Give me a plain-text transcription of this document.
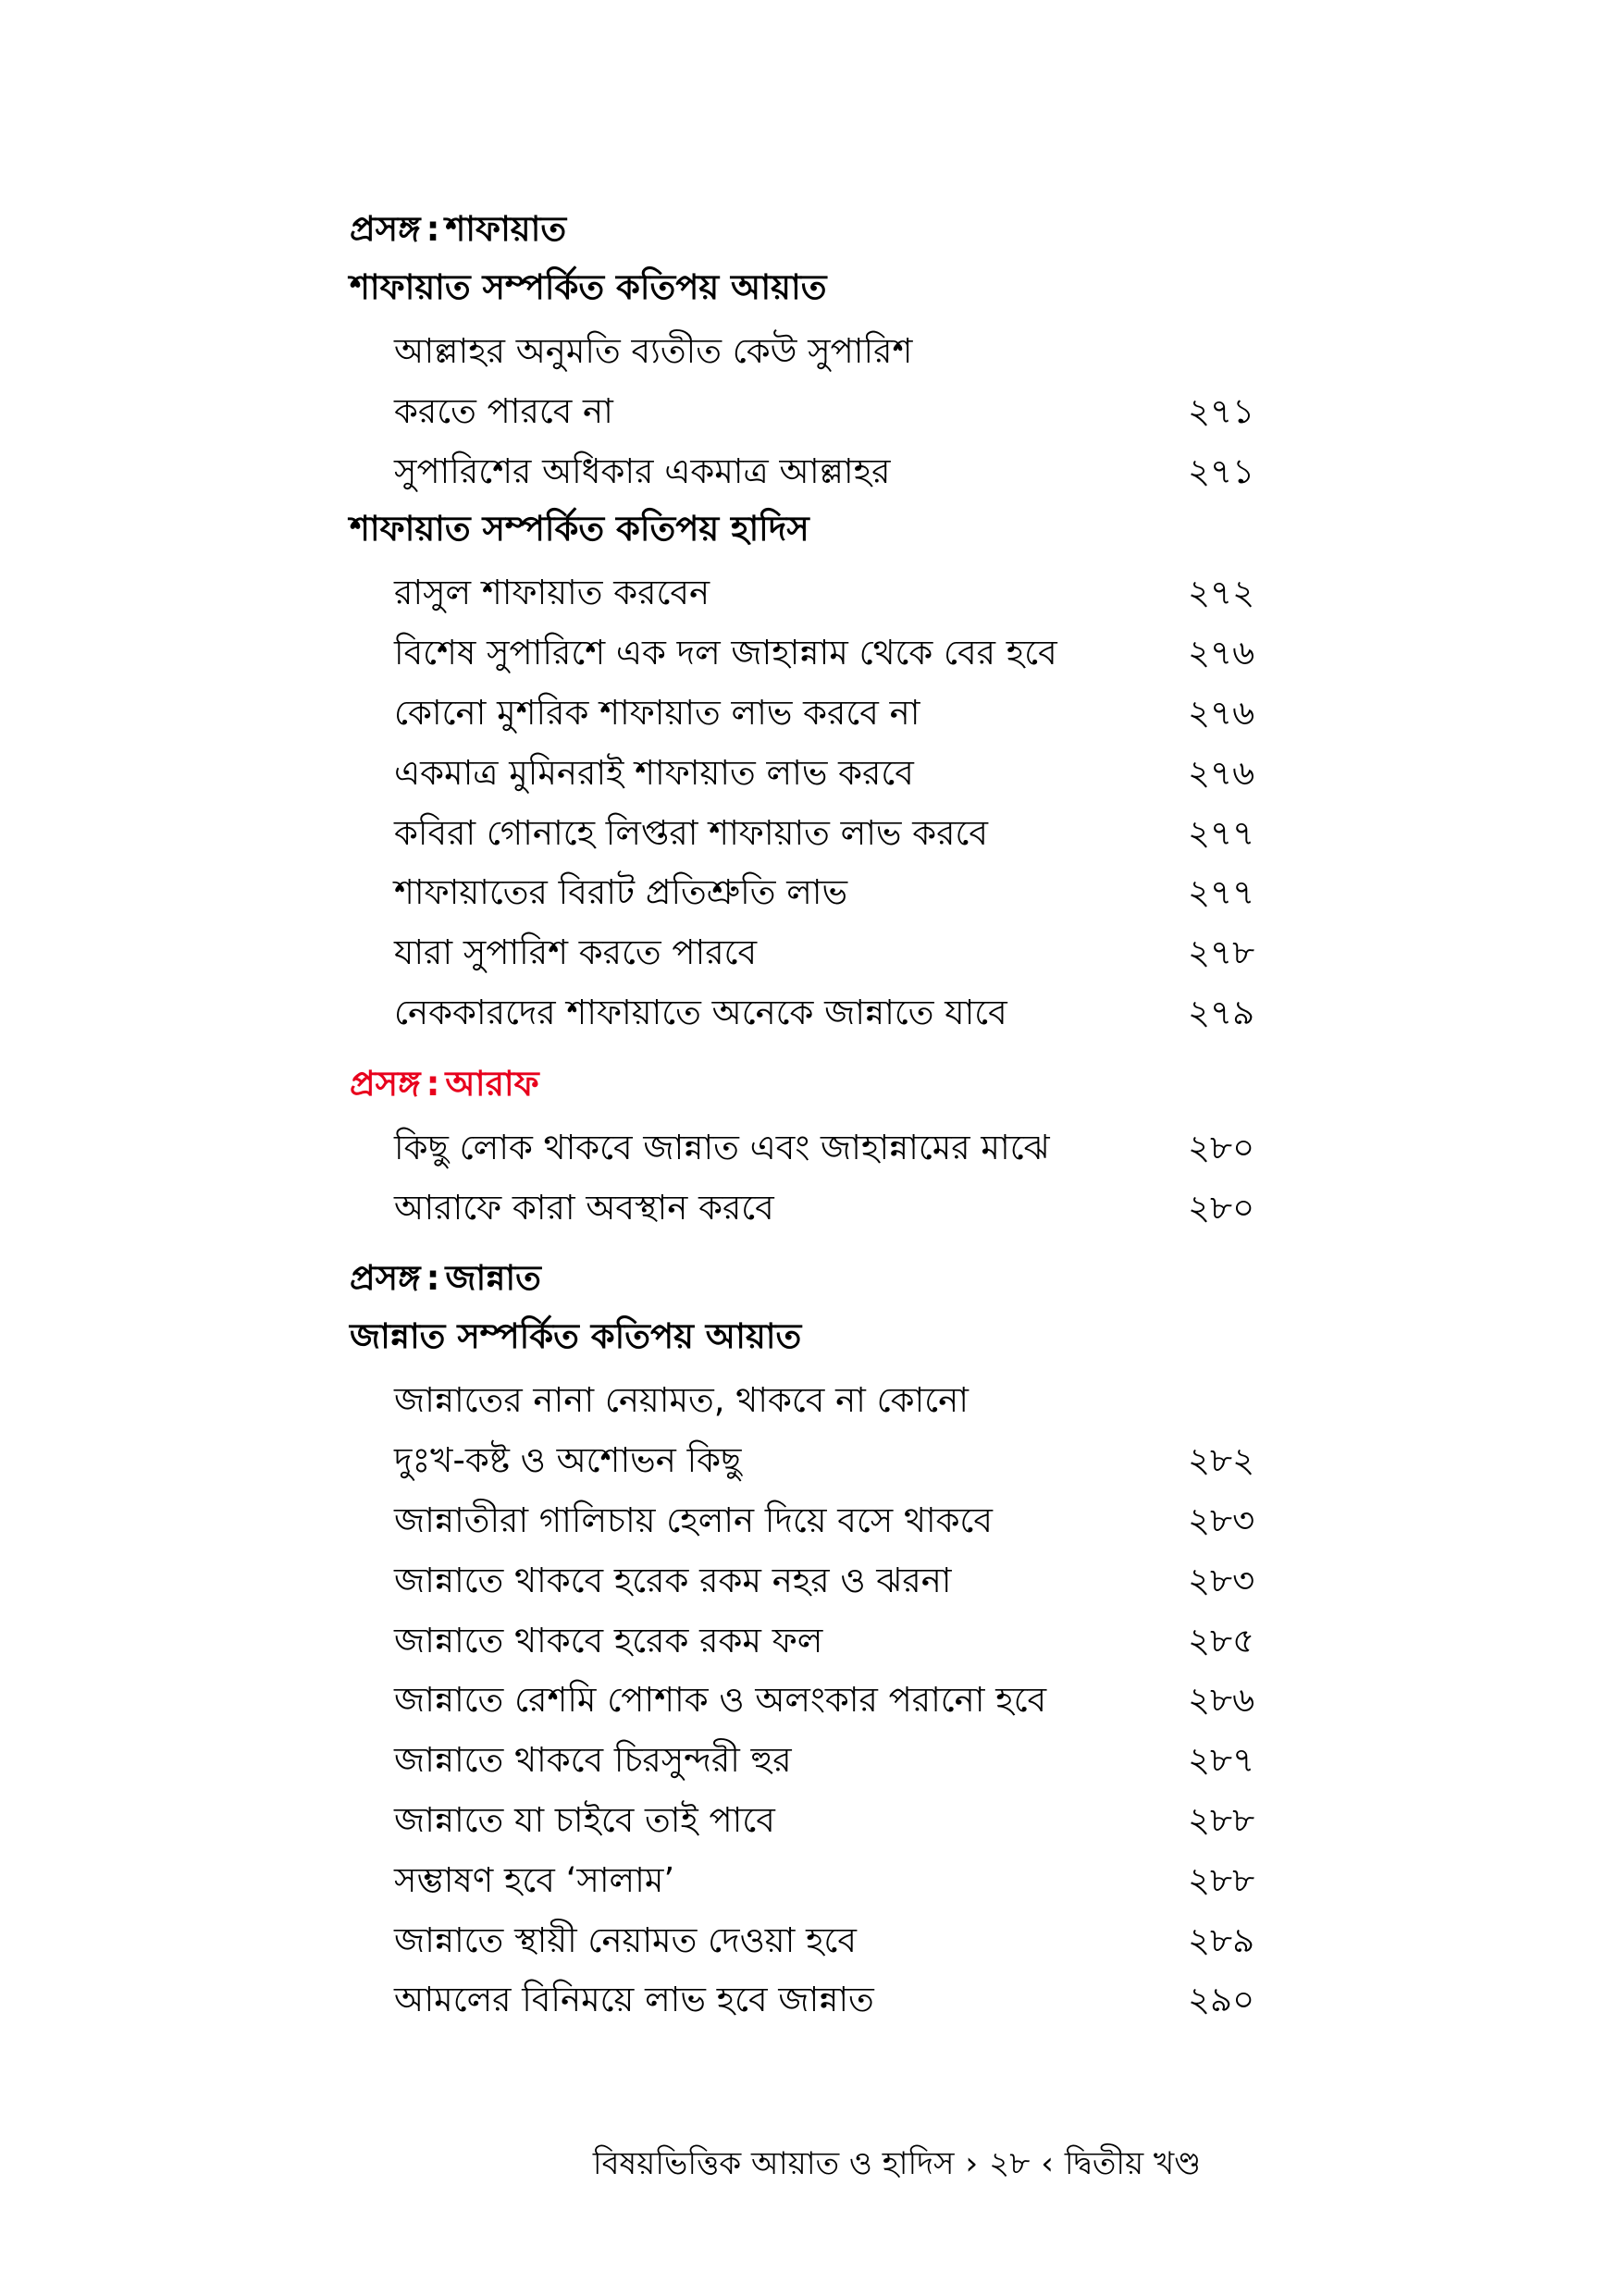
প্রসঙ্গ : শাফায়াত
শাফায়াত সম্পর্কিত কতিপয় আয়াত
আল্লাহর অনুমতি ব্যতীত কেউ সুপারিশ
করতে পারবে না	২৭১
সুপারিশের অধিকার একমাত্র আল্লাহর	২৭১
শাফায়াত সম্পর্কিত কতিপয় হাদিস
রাসুল শাফায়াত করবেন	২৭২
বিশেষ সুপারিশে এক দল জাহান্নাম থেকে বের হবে	২৭৬
কোনো মুশরিক শাফায়াত লাভ করবে না	২৭৬
একমাত্র মুমিনরাই শাফায়াত লাভ করবে	২৭৬
কবিরা গোনাহে লিপ্তরা শাফায়াত লাভ করবে	২৭৭
শাফায়াতের বিরাট প্রতিশ্রুতি লাভ	২৭৭
যারা সুপারিশ করতে পারবে	২৭৮
নেককারদের শাফায়াতে অনেকে জান্নাতে যাবে	২৭৯
প্রসঙ্গ : আরাফ
কিছু লোক থাকবে জান্নাত এবং জাহান্নামের মাঝে	২৮০
আরাফে কারা অবস্থান করবে	২৮০
প্রসঙ্গ : জান্নাত
জান্নাত সম্পর্কিত কতিপয় আয়াত
জান্নাতের নানা নেয়ামত, থাকবে না কোনো
দুঃখ-কষ্ট ও অশোভন কিছু	২৮২
জান্নাতীরা গালিচায় হেলান দিয়ে বসে থাকবে	২৮৩
জান্নাতে থাকবে হরেক রকম নহর ও ঝরনা	২৮৩
জান্নাতে থাকবে হরেক রকম ফল	২৮৫
জান্নাতে রেশমি পোশাক ও অলংকার পরানো হবে	২৮৬
জান্নাতে থাকবে চিরসুন্দরী হুর	২৮৭
জান্নাতে যা চাইবে তাই পাবে	২৮৮
সম্ভাষণ হবে ‘সালাম’	২৮৮
জান্নাতে স্থায়ী নেয়ামত দেওয়া হবে	২৮৯
আমলের বিনিময়ে লাভ হবে জান্নাত	২৯০
বিষয়ভিত্তিক আয়াত ও হাদিস › ২৮ ‹ দ্বিতীয় খণ্ড
